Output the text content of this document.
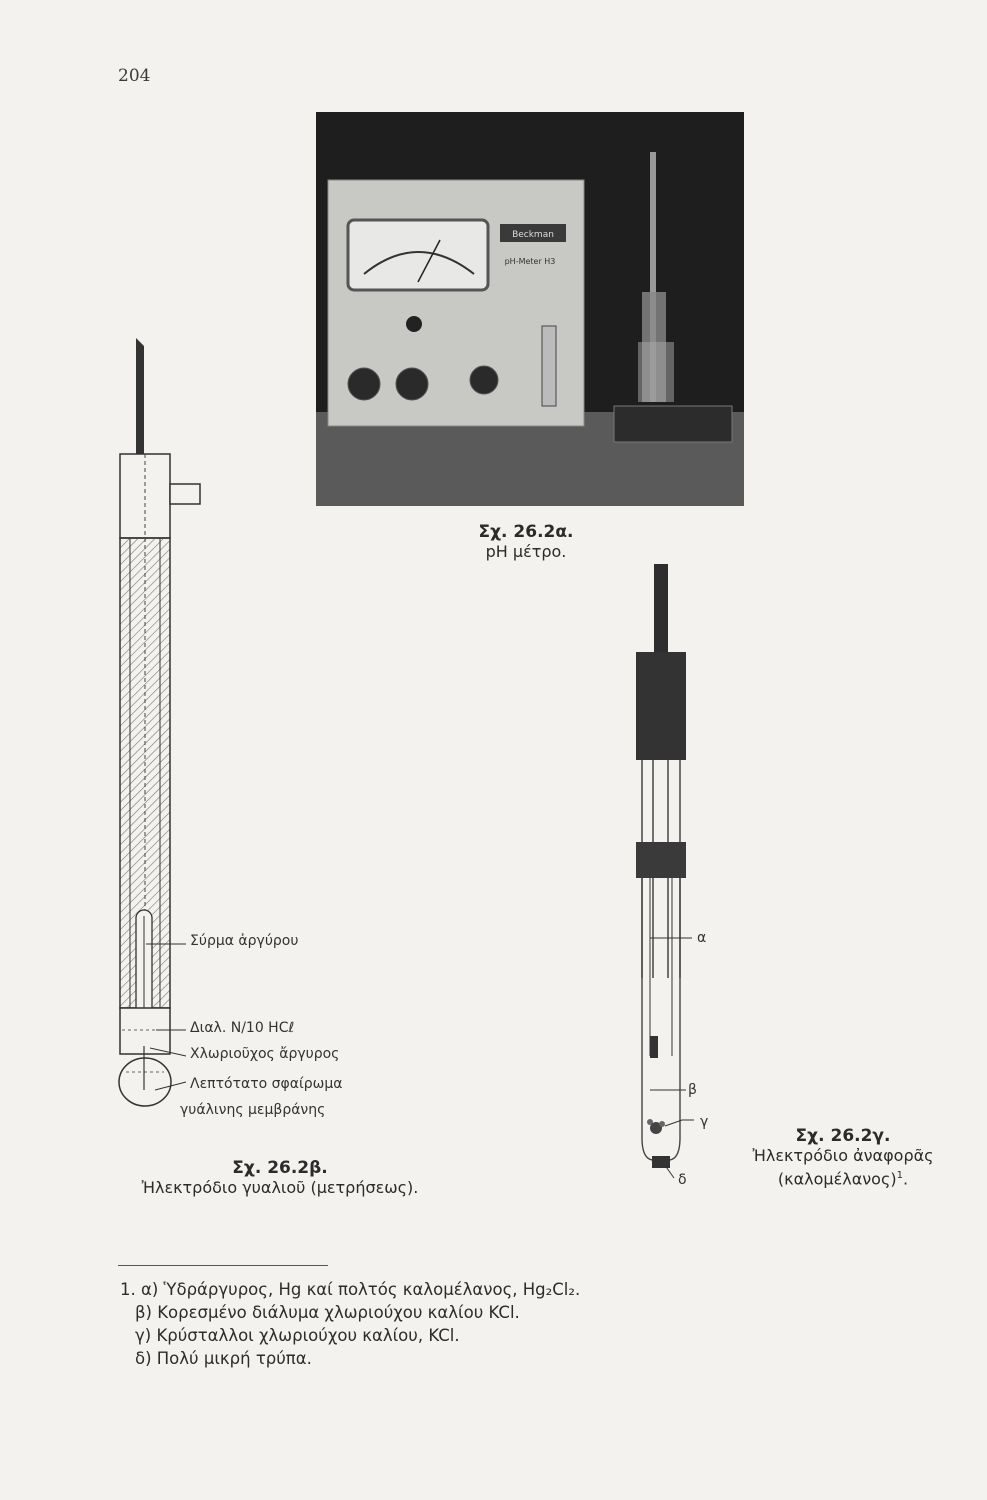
204
Beckman
pH-Meter H3
Σχ. 26.2α.
pH μέτρο.
Σύρμα ἀργύρου
Διαλ. N/10 HCℓ
Χλωριοῦχος ἄργυρος
Λεπτότατο σφαίρωμα
γυάλινης μεμβράνης
Σχ. 26.2β.
Ἠλεκτρόδιο γυαλιοῦ (μετρήσεως).
α
β
γ
δ
Σχ. 26.2γ.
Ἠλεκτρόδιο ἀναφορᾶς
$(\kappa\alpha\lambda o\mu έ\lambda\alpha\nu o\varsigma)^1$.
1. α) Ὑδράργυρος, Hg καί πολτός καλομέλανος, Hg₂Cl₂.
β) Κορεσμένο διάλυμα χλωριούχου καλίου KCl.
γ) Κρύσταλλοι χλωριούχου καλίου, KCl.
δ) Πολύ μικρή τρύπα.
